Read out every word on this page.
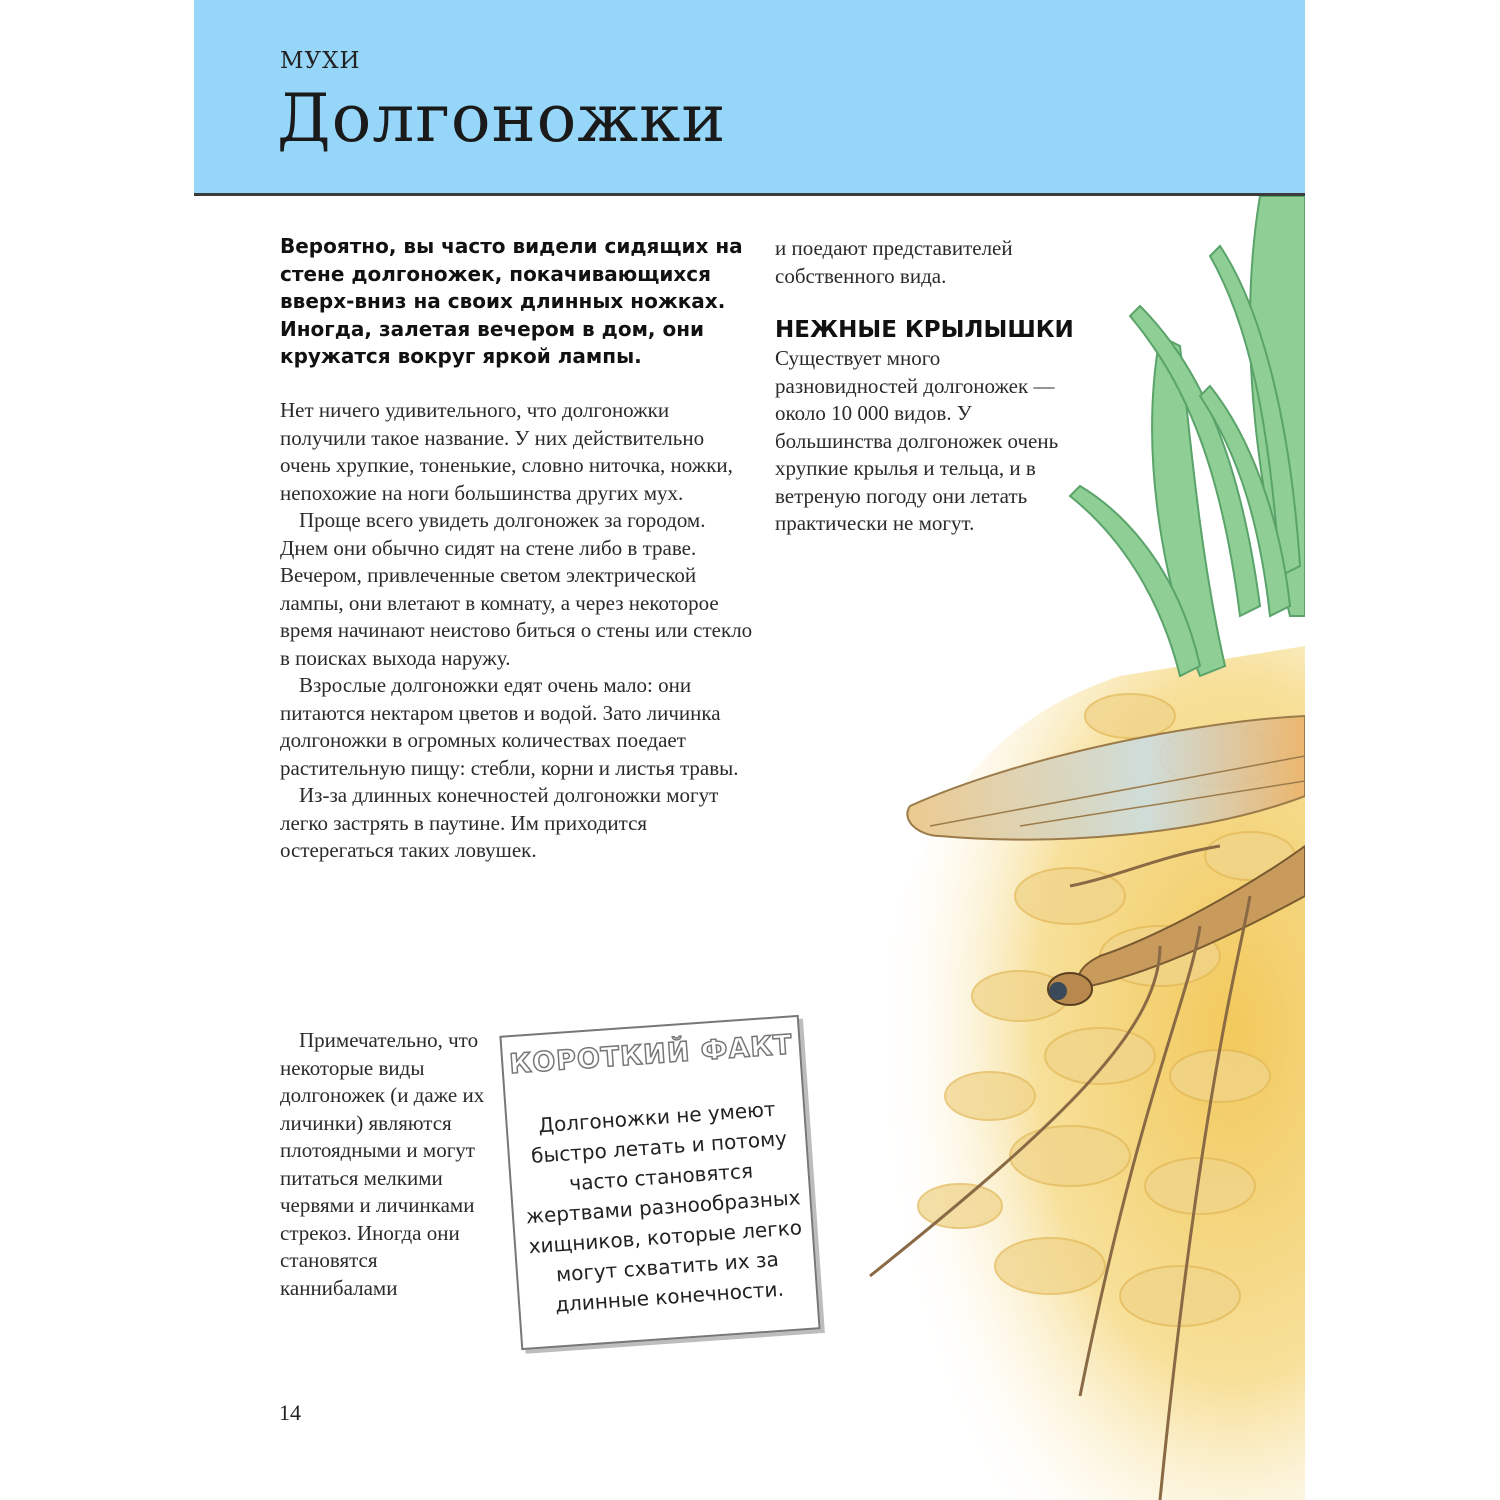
МУХИ
Долгоножки
Вероятно, вы часто видели сидящих на стене долгоножек, покачивающихся вверх-вниз на своих длинных ножках. Иногда, залетая вечером в дом, они кружатся вокруг яркой лампы.

Нет ничего удивительного, что долгоножки получили такое название. У них действительно очень хрупкие, тоненькие, словно ниточка, ножки, непохожие на ноги большинства других мух.

Проще всего увидеть долгоножек за городом. Днем они обычно сидят на стене либо в траве. Вечером, привлеченные светом электрической лампы, они влетают в комнату, а через некоторое время начинают неистово биться о стены или стекло в поисках выхода наружу.

Взрослые долгоножки едят очень мало: они питаются нектаром цветов и водой. Зато личинка долгоножки в огромных количествах поедает растительную пищу: стебли, корни и листья травы.

Из-за длинных конечностей долгоножки могут легко застрять в паутине. Им приходится остерегаться таких ловушек.

Примечательно, что некоторые виды долгоножек (и даже их личинки) являются плотоядными и могут питаться мелкими червями и личинками стрекоз. Иногда они становятся каннибалами

и поедают представителей собственного вида.

НЕЖНЫЕ КРЫЛЫШКИ

Существует много разновидностей долгоножек — около 10 000 видов. У большинства долгоножек очень хрупкие крылья и тельца, и в ветреную погоду они летать практически не могут.

КОРОТКИЙ ФАКТ
Долгоножки не умеют быстро летать и потому часто становятся жертвами разнообразных хищников, которые легко могут схватить их за длинные конечности.
14
